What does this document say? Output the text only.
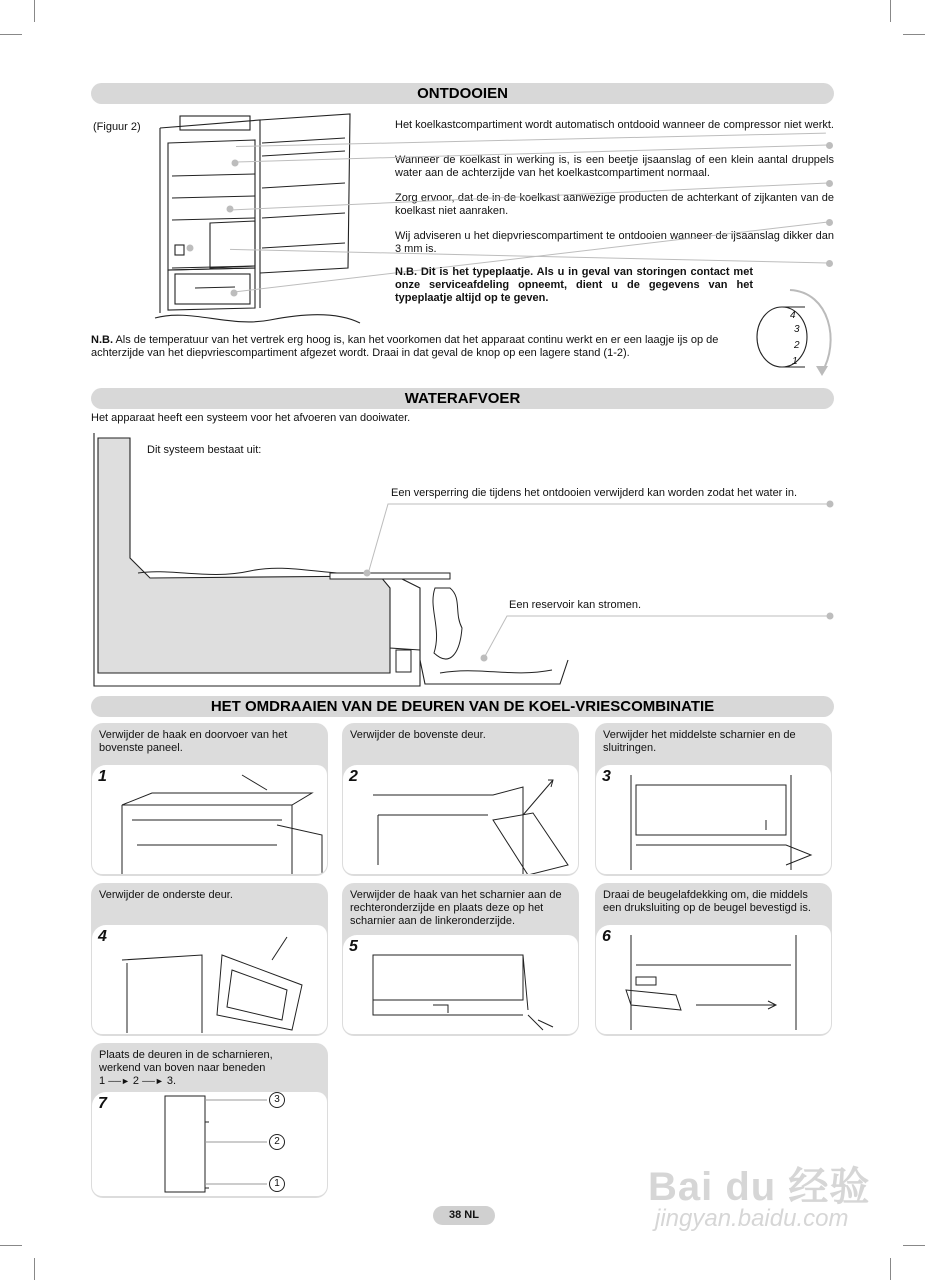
ONTDOOIEN
(Figuur 2)	Het koelkastcompartiment wordt automatisch ontdooid wanneer de compressor niet werkt.
Wanneer de koelkast in werking is, is een beetje ijsaanslag of een klein aantal druppels water aan de achterzijde van het koelkastcompartiment normaal.
Zorg ervoor, dat de in de koelkast aanwezige producten de achterkant of zijkanten van de koelkast niet aanraken.
Wij adviseren u het diepvriescompartiment te ontdooien wanneer de ijsaanslag dikker dan 3 mm is.
N.B. Dit is het typeplaatje. Als u in geval van storingen contact met onze serviceafdeling opneemt, dient u de gegevens van het typeplaatje altijd op te geven.
4
3
2
1
N.B. Als de temperatuur van het vertrek erg hoog is, kan het voorkomen dat het apparaat continu werkt en er een laagje ijs op de achterzijde van het diepvriescompartiment afgezet wordt. Draai in dat geval de knop op een lagere stand (1-2).
WATERAFVOER
Het apparaat heeft een systeem voor het afvoeren van dooiwater.
Dit systeem bestaat uit:
Een versperring die tijdens het ontdooien verwijderd kan worden zodat het water in.
Een reservoir kan stromen.
HET OMDRAAIEN VAN DE DEUREN VAN DE KOEL-VRIESCOMBINATIE
Verwijder de haak en doorvoer van het bovenste paneel.
1
Verwijder de bovenste deur.
2
Verwijder het middelste scharnier en de sluitringen.
3
Verwijder de onderste deur.
4
Verwijder de haak van het scharnier aan de rechteronderzijde en plaats deze op het scharnier aan de linkeronderzijde.
5
Draai de beugelafdekking om, die middels een druksluiting op de beugel bevestigd is.
6
Plaats de deuren in de scharnieren,
werkend van boven naar beneden
1 ──► 2 ──► 3.
7	3
2
1
38 NL
Bai du 经验
jingyan.baidu.com
